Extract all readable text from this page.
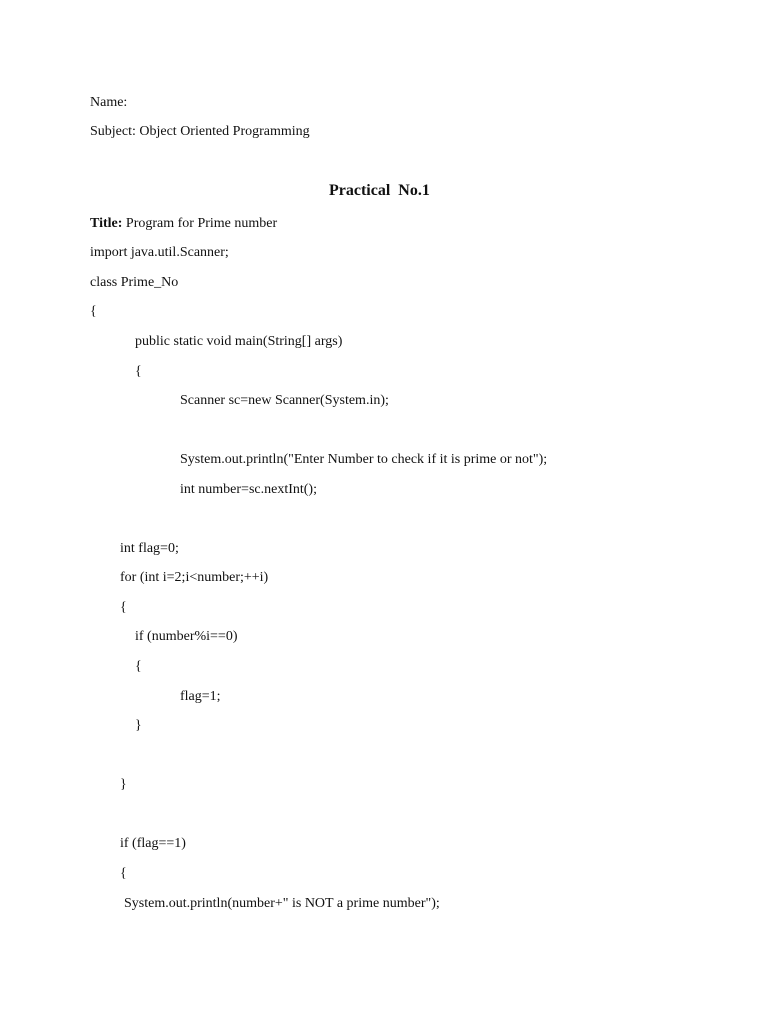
Name:
Subject: Object Oriented Programming
Practical  No.1
Title: Program for Prime number
import java.util.Scanner;
class Prime_No
{
public static void main(String[] args)
{
Scanner sc=new Scanner(System.in);
System.out.println("Enter Number to check if it is prime or not");
int number=sc.nextInt();
int flag=0;
for (int i=2;i<number;++i)
{
if (number%i==0)
{
flag=1;
}
}
if (flag==1)
{
System.out.println(number+" is NOT a prime number");
